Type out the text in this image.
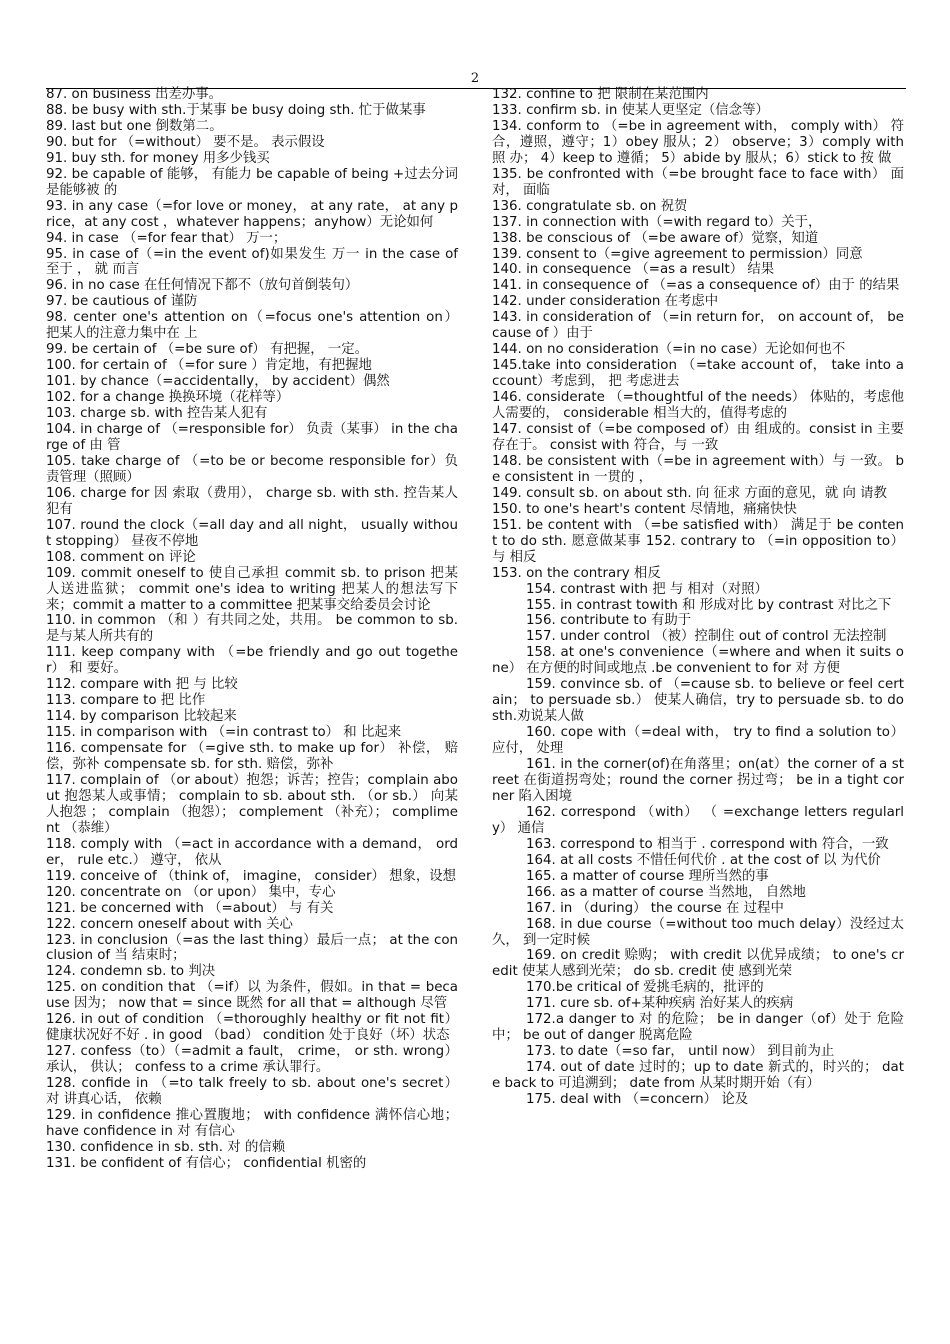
2
87. on business 出差办事。
88. be busy with sth.于某事 be busy doing sth. 忙于做某事
89. last but one 倒数第二。
90. but for （=without） 要不是。 表示假设
91. buy sth. for money 用多少钱买
92. be capable of 能够， 有能力 be capable of being +过去分词是能够被 的
93. in any case（=for love or money， at any rate， at any price，at any cost ，whatever happens；anyhow）无论如何
94. in case （=for fear that） 万一；
95. in case of（=in the event of)如果发生 万一 in the case of 至于 ， 就 而言
96. in no case 在任何情况下都不（放句首倒装句）
97. be cautious of 谨防
98. center one's attention on（=focus one's attention on） 把某人的注意力集中在 上
99. be certain of （=be sure of） 有把握， 一定。
100. for certain of （=for sure ）肯定地，有把握地
101. by chance（=accidentally， by accident）偶然
102. for a change 换换环境（花样等）
103. charge sb. with 控告某人犯有
104. in charge of （=responsible for） 负责（某事） in the charge of 由 管
105. take charge of （=to be or become responsible for）负责管理（照顾）
106. charge for 因 索取（费用）， charge sb. with sth. 控告某人犯有
107. round the clock（=all day and all night， usually without stopping） 昼夜不停地
108. comment on 评论
109. commit oneself to 使自己承担 commit sb. to prison 把某人送进监狱； commit one's idea to writing 把某人的想法写下来；commit a matter to a committee 把某事交给委员会讨论
110. in common （和 ）有共同之处，共用。 be common to sb. 是与某人所共有的
111. keep company with （=be friendly and go out together） 和 要好。
112. compare with 把 与 比较
113. compare to 把 比作
114. by comparison 比较起来
115. in comparison with （=in contrast to） 和 比起来
116. compensate for （=give sth. to make up for） 补偿， 赔偿，弥补 compensate sb. for sth. 赔偿，弥补
117. complain of （or about）抱怨；诉苦；控告；complain about 抱怨某人或事情； complain to sb. about sth. （or sb.） 向某人抱怨 ； complain （抱怨）； complement （补充）； compliment （恭维）
118. comply with （=act in accordance with a demand， order， rule etc.） 遵守， 依从
119. conceive of （think of， imagine， consider） 想象，设想
120. concentrate on （or upon） 集中，专心
121. be concerned with （=about） 与 有关
122. concern oneself about with 关心
123. in conclusion（=as the last thing）最后一点； at the conclusion of 当 结束时；
124. condemn sb. to 判决
125. on condition that （=if）以 为条件，假如。in that = because 因为； now that = since 既然 for all that = although 尽管
126. in out of condition （=thoroughly healthy or fit not fit） 健康状况好不好 . in good （bad） condition 处于良好（坏）状态
127. confess（to）（=admit a fault， crime， or sth. wrong）承认， 供认； confess to a crime 承认罪行。
128. confide in （=to talk freely to sb. about one's secret） 对 讲真心话， 依赖
129. in confidence 推心置腹地； with confidence 满怀信心地； have confidence in 对 有信心
130. confidence in sb. sth. 对 的信赖
131. be confident of 有信心； confidential 机密的
132. confine to 把 限制在某范围内
133. confirm sb. in 使某人更坚定（信念等）
134. conform to （=be in agreement with， comply with） 符合，遵照，遵守；1）obey 服从；2） observe；3）comply with 照 办； 4）keep to 遵循； 5）abide by 服从；6）stick to 按 做
135. be confronted with（=be brought face to face with） 面对， 面临
136. congratulate sb. on 祝贺
137. in connection with（=with regard to）关于，
138. be conscious of （=be aware of）觉察，知道
139. consent to（=give agreement to permission）同意
140. in consequence （=as a result） 结果
141. in consequence of （=as a consequence of）由于 的结果
142. under consideration 在考虑中
143. in consideration of （=in return for， on account of， because of ）由于
144. on no consideration（=in no case）无论如何也不
145.take into consideration （=take account of， take into account）考虑到， 把 考虑进去
146. considerate （=thoughtful of the needs） 体贴的，考虑他人需要的， considerable 相当大的，值得考虑的
147. consist of（=be composed of）由 组成的。consist in 主要存在于。 consist with 符合，与 一致
148. be consistent with（=be in agreement with）与 一致。 be consistent in 一贯的 ，
149. consult sb. on about sth. 向 征求 方面的意见，就 向 请教
150. to one's heart's content 尽情地，痛痛快快
151. be content with （=be satisfied with） 满足于 be content to do sth. 愿意做某事 152. contrary to （=in opposition to） 与 相反
153. on the contrary 相反
154. contrast with 把 与 相对（对照）
155. in contrast towith 和 形成对比 by contrast 对比之下
156. contribute to 有助于
157. under control （被）控制住 out of control 无法控制
158. at one's convenience（=where and when it suits one） 在方便的时间或地点 .be convenient to for 对 方便
159. convince sb. of （=cause sb. to believe or feel certain； to persuade sb.） 使某人确信，try to persuade sb. to do sth.劝说某人做
160. cope with（=deal with， try to find a solution to）应付， 处理
161. in the corner(of)在角落里；on(at）the corner of a street 在街道拐弯处；round the corner 拐过弯； be in a tight corner 陷入困境
162. correspond （with） （ =exchange letters regularly） 通信
163. correspond to 相当于 . correspond with 符合，一致
164. at all costs 不惜任何代价 . at the cost of 以 为代价
165. a matter of course 理所当然的事
166. as a matter of course 当然地， 自然地
167. in （during） the course 在 过程中
168. in due course（=without too much delay）没经过太久， 到一定时候
169. on credit 赊购； with credit 以优异成绩； to one's credit 使某人感到光荣； do sb. credit 使 感到光荣
170.be critical of 爱挑毛病的，批评的
171. cure sb. of+某种疾病 治好某人的疾病
172.a danger to 对 的危险； be in danger（of）处于 危险中； be out of danger 脱离危险
173. to date（=so far， until now） 到目前为止
174. out of date 过时的；up to date 新式的，时兴的； date back to 可追溯到； date from 从某时期开始（有）
175. deal with （=concern） 论及
